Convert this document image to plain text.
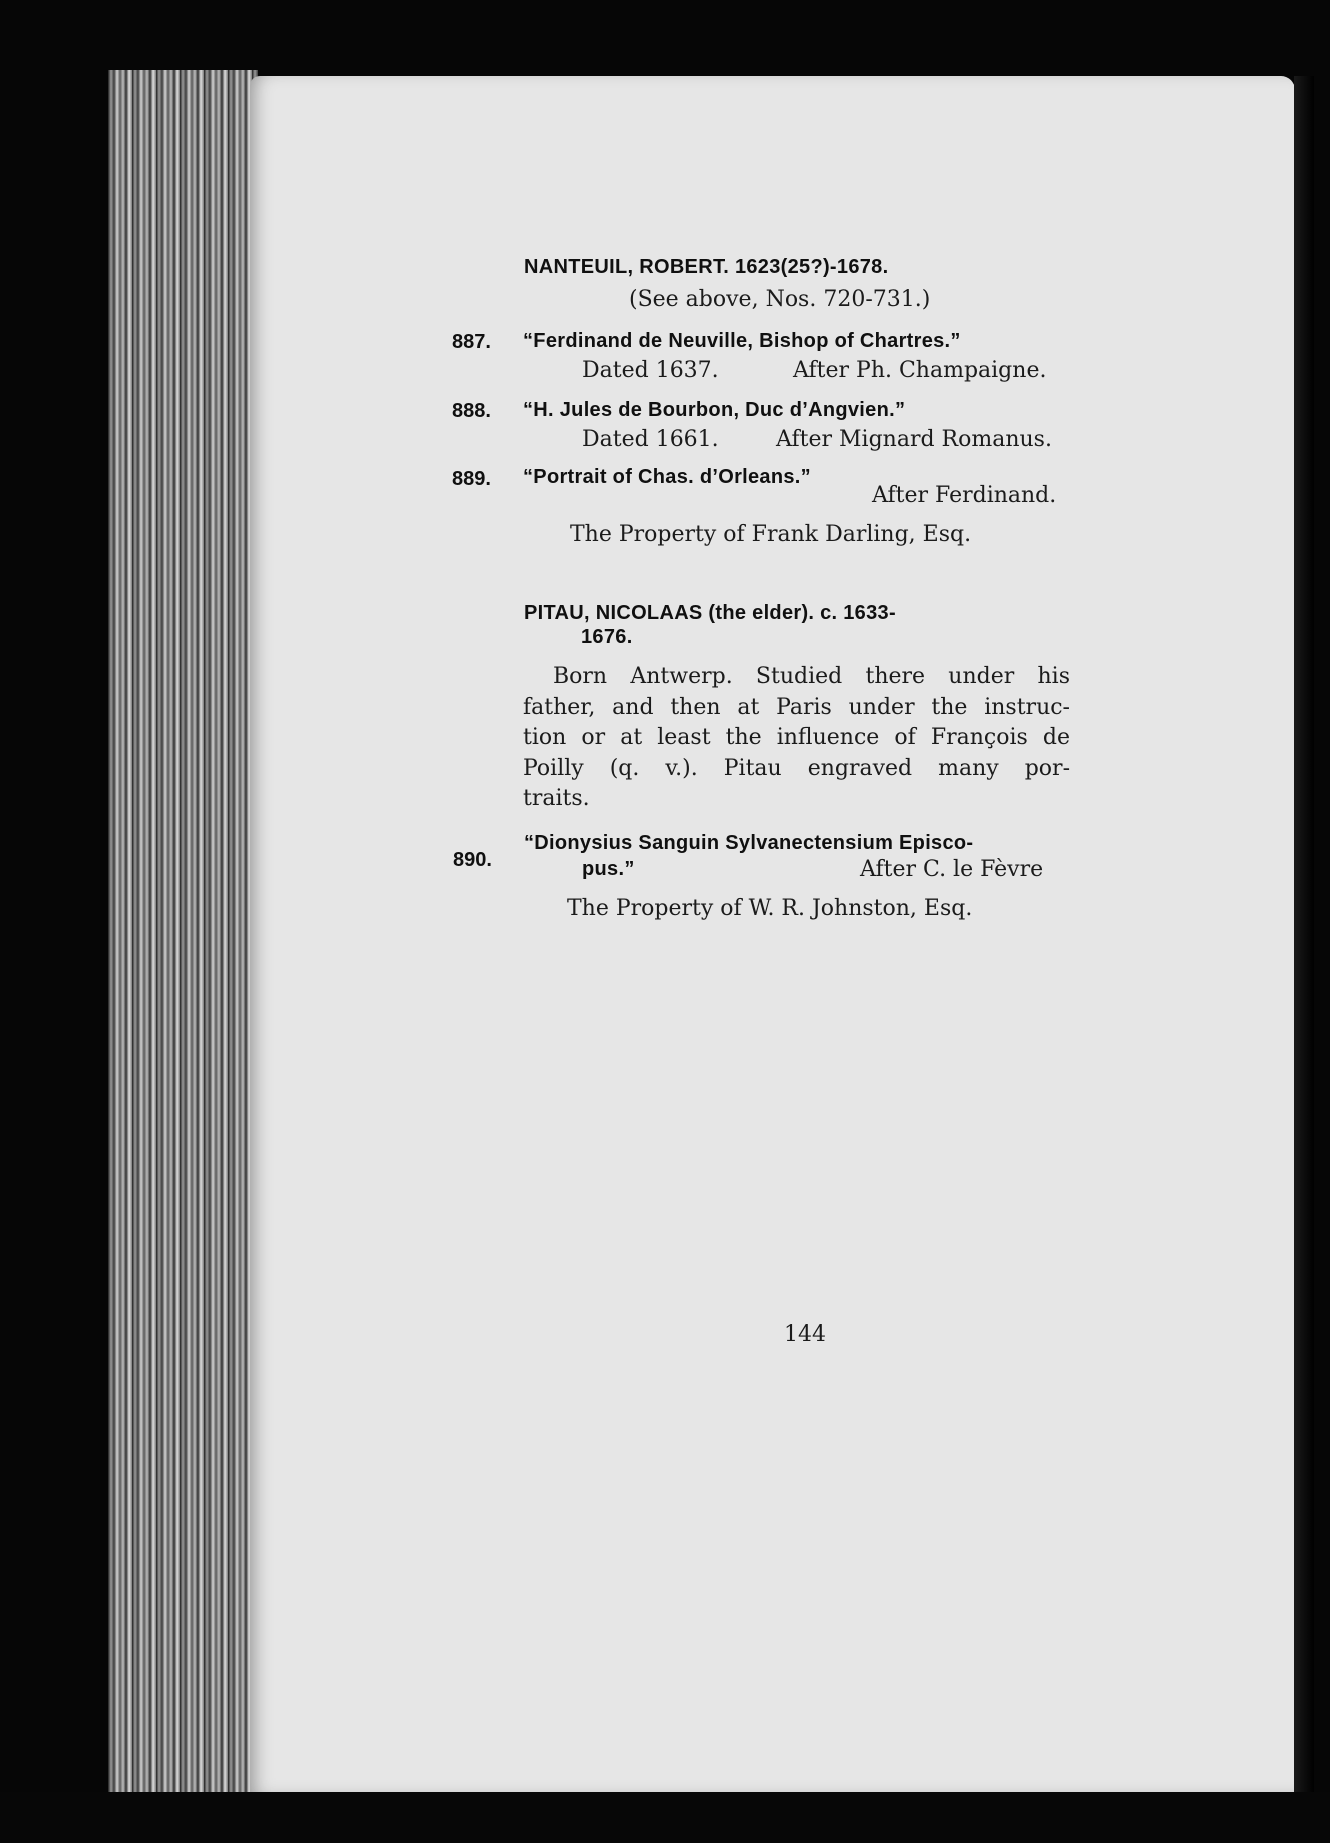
NANTEUIL, ROBERT. 1623(25?)-1678.
(See above, Nos. 720-731.)
887. “Ferdinand de Neuville, Bishop of Chartres.”
Dated 1637.	After Ph. Champaigne.
888. “H. Jules de Bourbon, Duc d’Angvien.”
Dated 1661.	After Mignard Romanus.
889. “Portrait of Chas. d’Orleans.”
After Ferdinand.
The Property of Frank Darling, Esq.
PITAU, NICOLAAS (the elder). c. 1633-
1676.
Born Antwerp. Studied there under his
father, and then at Paris under the instruc-
tion or at least the influence of François de
Poilly (q. v.). Pitau engraved many por-
traits.
890.
“Dionysius Sanguin Sylvanectensium Episco-
pus.”	After C. le Fèvre
The Property of W. R. Johnston, Esq.
144
